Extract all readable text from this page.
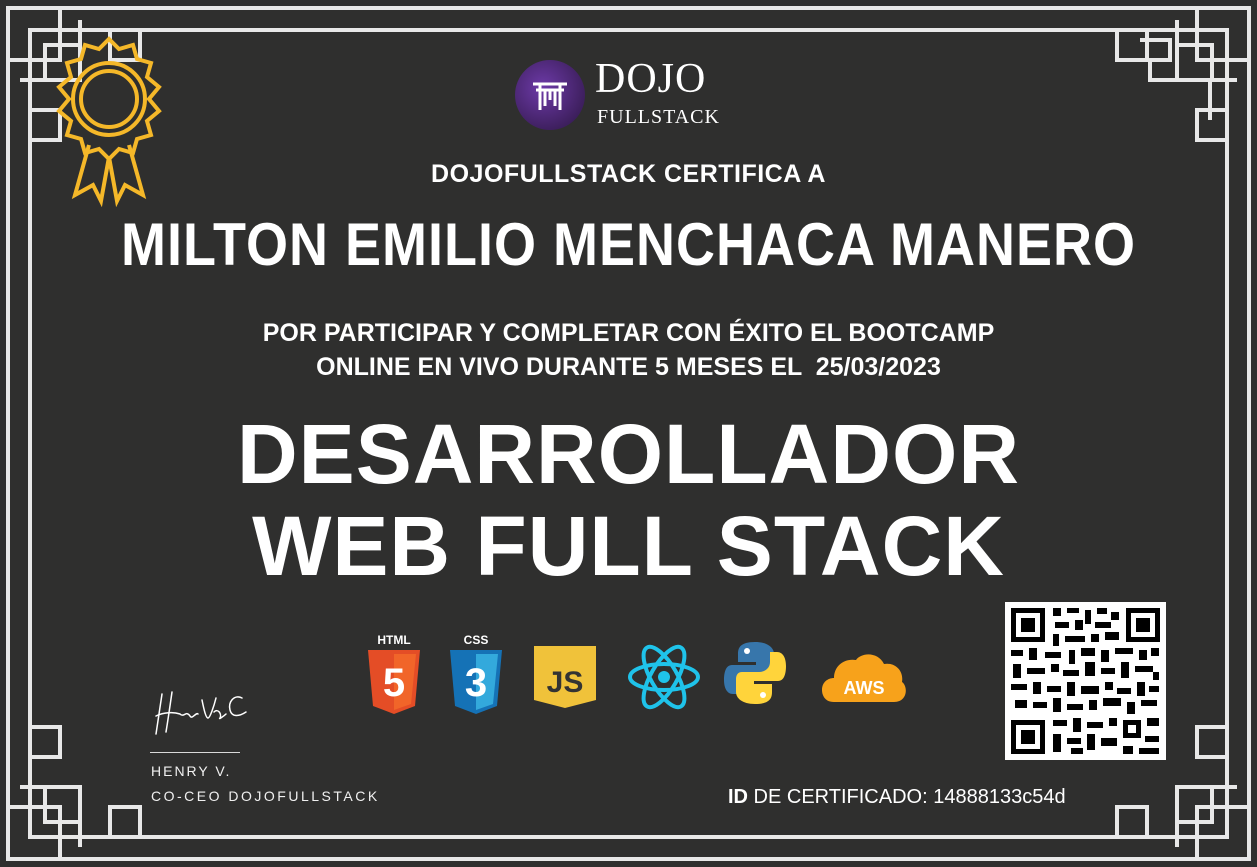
DOJO
FULLSTACK
DOJOFULLSTACK CERTIFICA A
MILTON EMILIO MENCHACA MANERO
POR PARTICIPAR Y COMPLETAR CON ÉXITO EL BOOTCAMP
ONLINE EN VIVO DURANTE 5 MESES EL  25/03/2023
DESARROLLADOR
WEB FULL STACK
HTML
5
CSS
3 JS	AWS
HENRY V.
CO-CEO DOJOFULLSTACK	ID DE CERTIFICADO: 14888133c54d
